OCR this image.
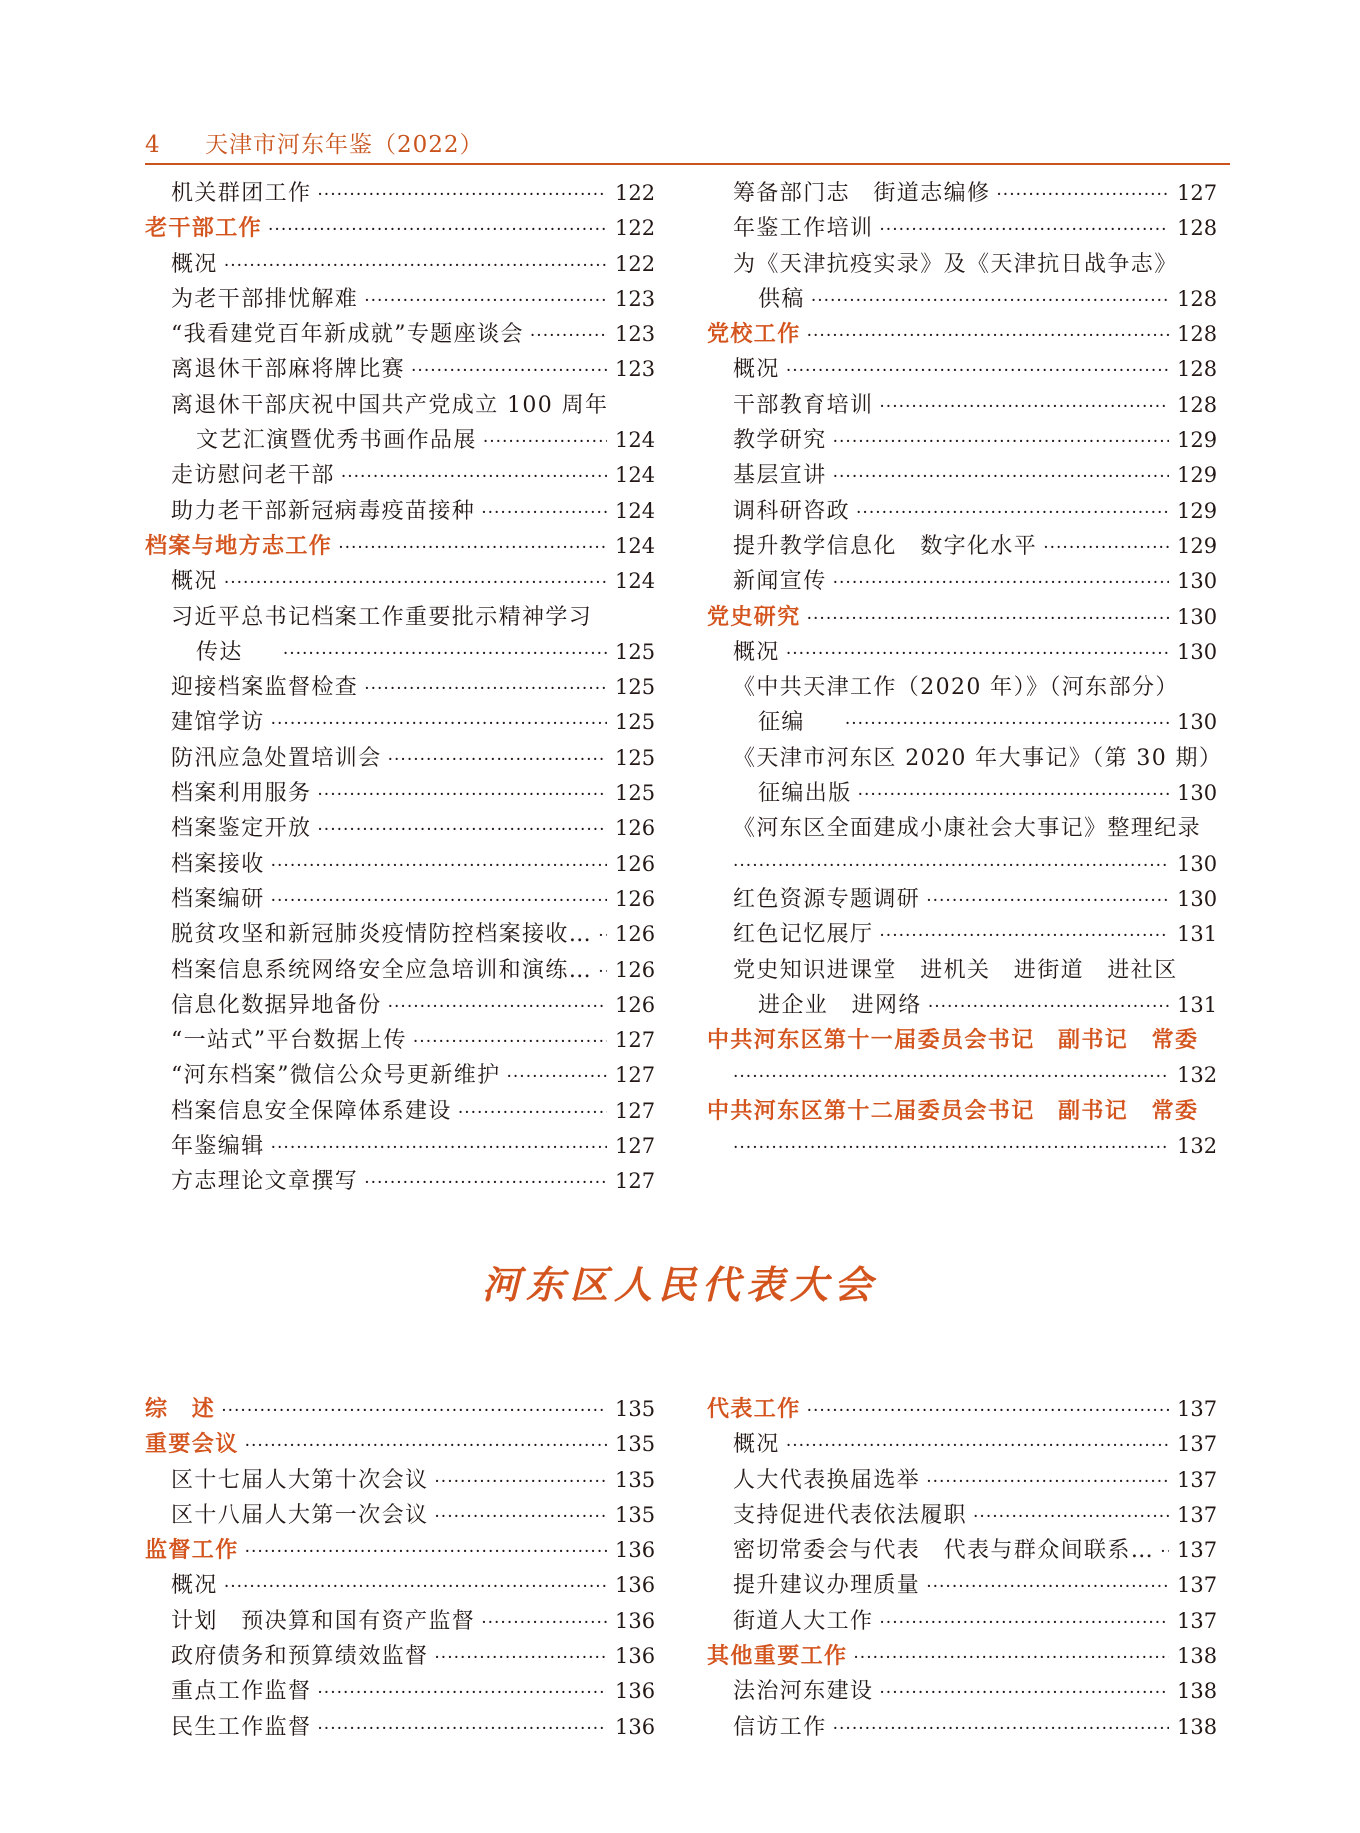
4	天津市河东年鉴（2022）
机关群团工作 ·····	122
老干部工作 ·····	122
概况 ·····	122
为老干部排忧解难 ·····	123
“我看建党百年新成就”专题座谈会 ·····	123
离退休干部麻将牌比赛 ·····	123
离退休干部庆祝中国共产党成立 100 周年
文艺汇演暨优秀书画作品展 ·····	124
走访慰问老干部 ·····	124
助力老干部新冠病毒疫苗接种 ·····	124
档案与地方志工作 ·····	124
概况 ·····	124
习近平总书记档案工作重要批示精神学习
传达 ·····	125
迎接档案监督检查 ·····	125
建馆学访 ·····	125
防汛应急处置培训会 ·····	125
档案利用服务 ·····	125
档案鉴定开放 ·····	126
档案接收 ·····	126
档案编研 ·····	126
脱贫攻坚和新冠肺炎疫情防控档案接收… ····· 126
档案信息系统网络安全应急培训和演练… ····· 126
信息化数据异地备份 ·····	126
“一站式”平台数据上传 ·····	127
“河东档案”微信公众号更新维护 ·····	127
档案信息安全保障体系建设 ·····	127
年鉴编辑 ·····	127
方志理论文章撰写 ·····	127
筹备部门志　街道志编修 ·····	127
年鉴工作培训 ·····	128
为《天津抗疫实录》及《天津抗日战争志》
供稿 ·····	128
党校工作 ·····	128
概况 ·····	128
干部教育培训 ·····	128
教学研究 ·····	129
基层宣讲 ·····	129
调科研咨政 ·····	129
提升教学信息化　数字化水平 ·····	129
新闻宣传 ·····	130
党史研究 ·····	130
概况 ·····	130
《中共天津工作（2020 年）》（河东部分）
征编 ·····	130
《天津市河东区 2020 年大事记》（第 30 期）
征编出版 ·····	130
《河东区全面建成小康社会大事记》整理纪录
·····
130
红色资源专题调研 ·····	130
红色记忆展厅 ·····	131
党史知识进课堂　进机关　进街道　进社区
进企业　进网络 ·····	131
中共河东区第十一届委员会书记　副书记　常委
·····
132
中共河东区第十二届委员会书记　副书记　常委
·····
132
河东区人民代表大会
综　述 ·····	135
重要会议 ·····	135
区十七届人大第十次会议 ·····	135
区十八届人大第一次会议 ·····	135
监督工作 ·····	136
概况 ·····	136
计划　预决算和国有资产监督 ·····	136
政府债务和预算绩效监督 ·····	136
重点工作监督 ·····	136
民生工作监督 ·····	136
代表工作 ·····	137
概况 ·····	137
人大代表换届选举 ·····	137
支持促进代表依法履职 ·····	137
密切常委会与代表　代表与群众间联系… ····· 137
提升建议办理质量 ·····	137
街道人大工作 ·····	137
其他重要工作 ·····	138
法治河东建设 ·····	138
信访工作 ·····	138
